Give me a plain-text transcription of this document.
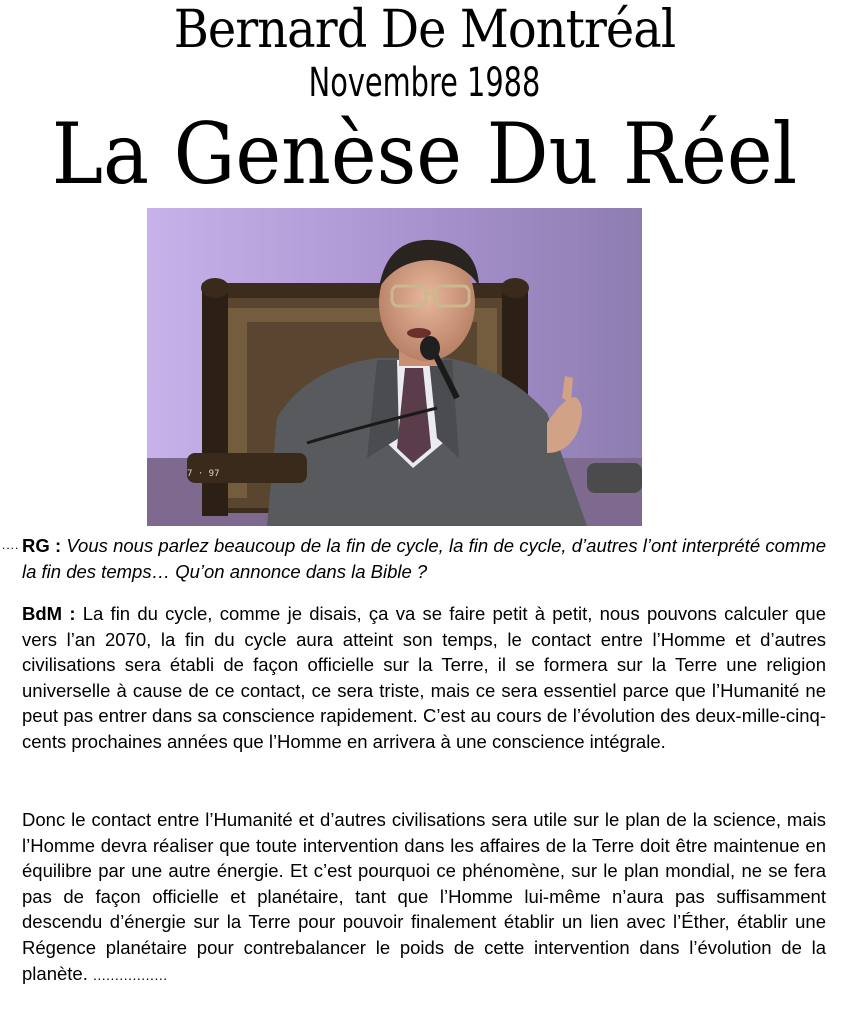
Bernard De Montréal
Novembre 1988
La Genèse Du Réel
7 · 97
.... RG : Vous nous parlez beaucoup de la fin de cycle, la fin de cycle, d’autres l’ont interprété comme la fin des temps… Qu’on annonce dans la Bible ?
BdM : La fin du cycle, comme je disais, ça va se faire petit à petit, nous pouvons calculer que vers l’an 2070, la fin du cycle aura atteint son temps, le contact entre l’Homme et d’autres civilisations sera établi de façon officielle sur la Terre, il se formera sur la Terre une religion universelle à cause de ce contact, ce sera triste, mais ce sera essentiel parce que l’Humanité ne peut pas entrer dans sa conscience rapidement. C’est au cours de l’évolution des deux-mille-cinq-cents prochaines années que l’Homme en arrivera à une conscience intégrale.
Donc le contact entre l’Humanité et d’autres civilisations sera utile sur le plan de la science, mais l’Homme devra réaliser que toute intervention dans les affaires de la Terre doit être maintenue en équilibre par une autre énergie. Et c’est pourquoi ce phénomène, sur le plan mondial, ne se fera pas de façon officielle et planétaire, tant que l’Homme lui-même n’aura pas suffisamment descendu d’énergie sur la Terre pour pouvoir finalement établir un lien avec l’Éther, établir une Régence planétaire pour contrebalancer le poids de cette intervention dans l’évolution de la planète. .................
